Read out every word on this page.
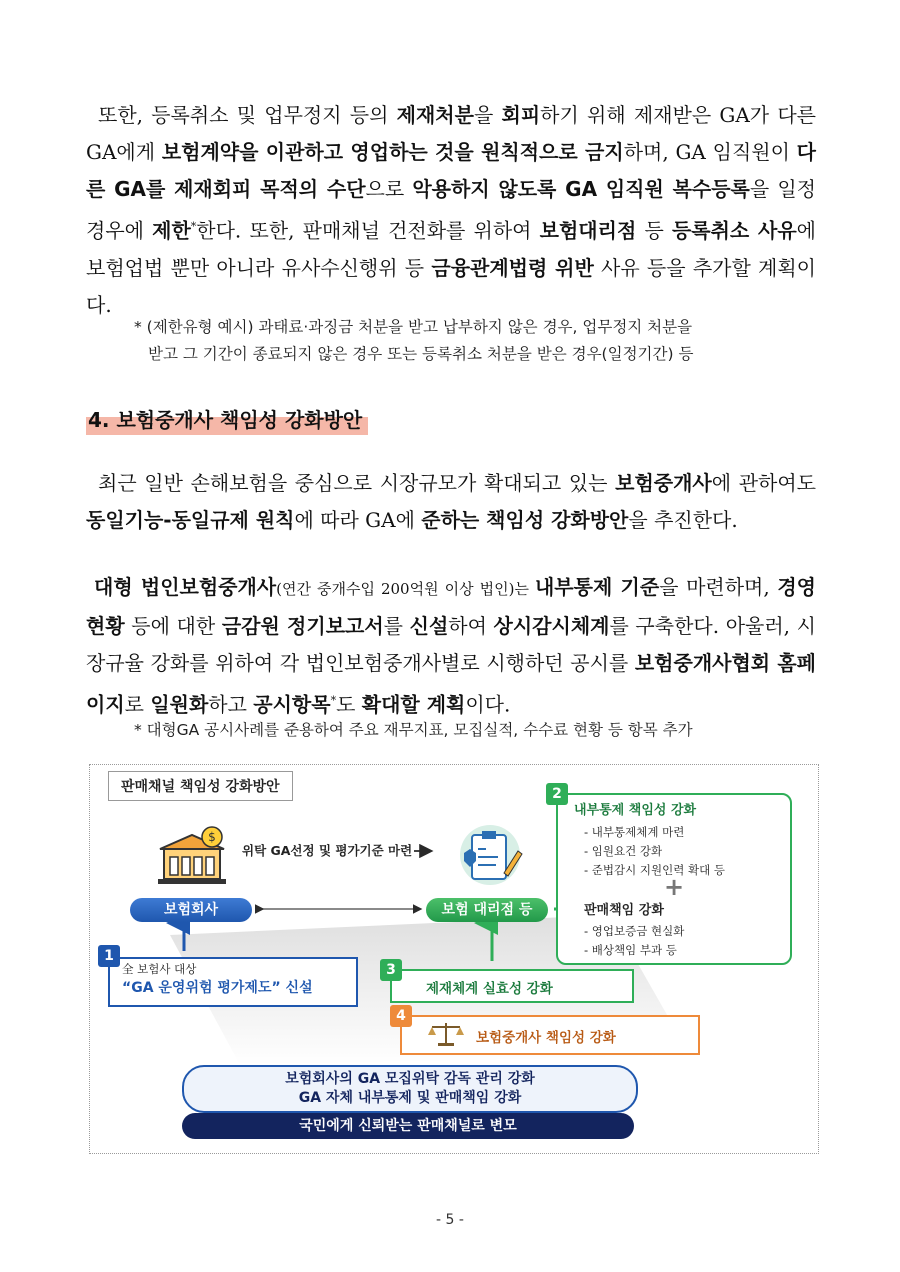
또한, 등록취소 및 업무정지 등의 제재처분을 회피하기 위해 제재받은 GA가 다른 GA에게 보험계약을 이관하고 영업하는 것을 원칙적으로 금지하며, GA 임직원이 다른 GA를 제재회피 목적의 수단으로 악용하지 않도록 GA 임직원 복수등록을 일정 경우에 제한*한다. 또한, 판매채널 건전화를 위하여 보험대리점 등 등록취소 사유에 보험업법 뿐만 아니라 유사수신행위 등 금융관계법령 위반 사유 등을 추가할 계획이다.
* (제한유형 예시) 과태료·과징금 처분을 받고 납부하지 않은 경우, 업무정지 처분을
받고 그 기간이 종료되지 않은 경우 또는 등록취소 처분을 받은 경우(일정기간) 등
4. 보험중개사 책임성 강화방안
최근 일반 손해보험을 중심으로 시장규모가 확대되고 있는 보험중개사에 관하여도 동일기능-동일규제 원칙에 따라 GA에 준하는 책임성 강화방안을 추진한다.
대형 법인보험중개사(연간 중개수입 200억원 이상 법인)는 내부통제 기준을 마련하며, 경영현황 등에 대한 금감원 정기보고서를 신설하여 상시감시체계를 구축한다. 아울러, 시장규율 강화를 위하여 각 법인보험중개사별로 시행하던 공시를 보험중개사협회 홈페이지로 일원화하고 공시항목*도 확대할 계획이다.
* 대형GA 공시사례를 준용하여 주요 재무지표, 모집실적, 수수료 현황 등 항목 추가
판매채널 책임성 강화방안
$
위탁 GA선정 및 평가기준 마련
보험회사	보험 대리점 등
2
내부통제 책임성 강화
- 내부통제체계 마련
- 임원요건 강화
- 준법감시 지원인력 확대 등
+
판매책임 강화
- 영업보증금 현실화
- 배상책임 부과 등
1
全 보험사 대상
“GA 운영위험 평가제도” 신설
3
제재체계 실효성 강화
4
보험중개사 책임성 강화
보험회사의 GA 모집위탁 감독 관리 강화
GA 자체 내부통제 및 판매책임 강화
국민에게 신뢰받는 판매채널로 변모
- 5 -
